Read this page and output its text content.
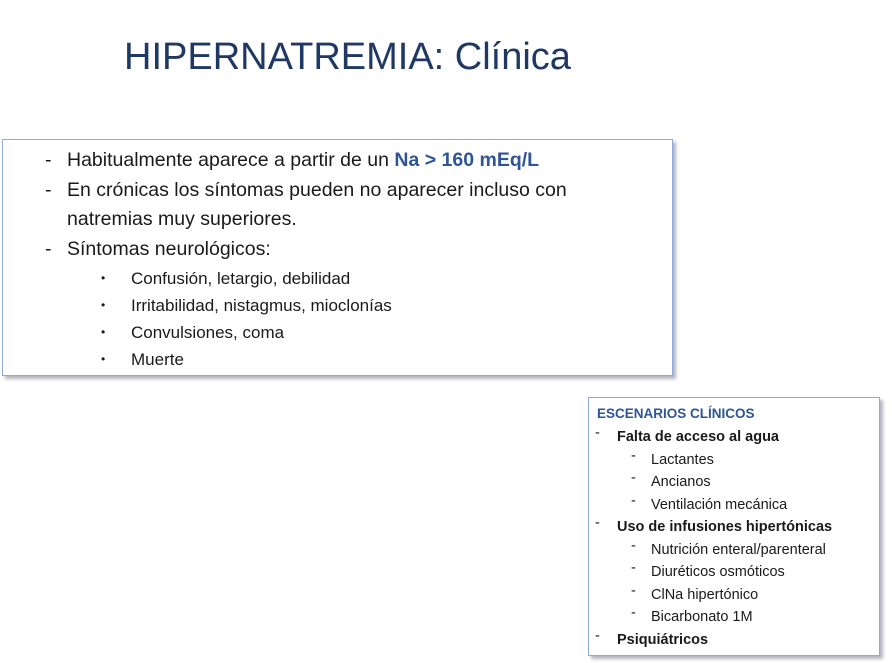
HIPERNATREMIA: Clínica
- Habitualmente aparece a partir de un Na > 160 mEq/L
- En crónicas los síntomas pueden no aparecer incluso con
natremias muy superiores.
- Síntomas neurológicos:
• Confusión, letargio, debilidad
• Irritabilidad, nistagmus, mioclonías
• Convulsiones, coma
• Muerte
ESCENARIOS CLÍNICOS
- Falta de acceso al agua
- Lactantes
- Ancianos
- Ventilación mecánica
- Uso de infusiones hipertónicas
- Nutrición enteral/parenteral
- Diuréticos osmóticos
- ClNa hipertónico
- Bicarbonato 1M
- Psiquiátricos
